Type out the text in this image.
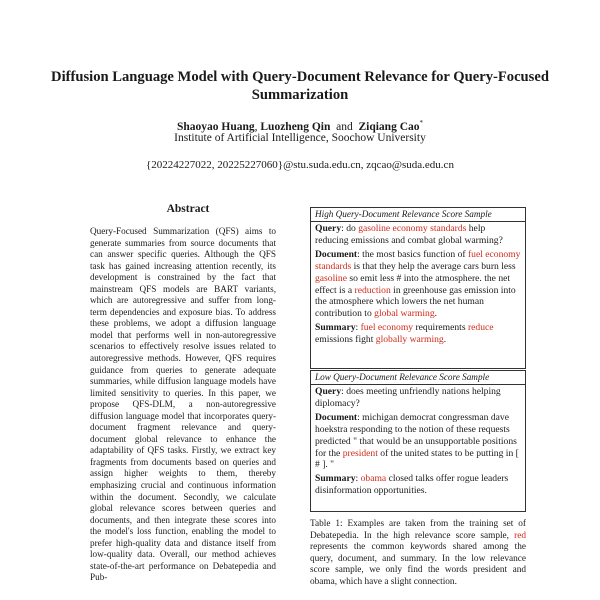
Diffusion Language Model with Query-Document Relevance for Query-Focused Summarization
Shaoyao Huang, Luozheng Qin  and  Ziqiang Cao*
Institute of Artificial Intelligence, Soochow University
{20224227022, 20225227060}@stu.suda.edu.cn, zqcao@suda.edu.cn
Abstract

Query-Focused Summarization (QFS) aims to generate summaries from source documents that can answer specific queries. Although the QFS task has gained increasing attention recently, its development is constrained by the fact that mainstream QFS models are BART variants, which are autoregressive and suffer from long-term dependencies and exposure bias. To address these problems, we adopt a diffusion language model that performs well in non-autoregressive scenarios to effectively resolve issues related to autoregressive methods. However, QFS requires guidance from queries to generate adequate summaries, while diffusion language models have limited sensitivity to queries. In this paper, we propose QFS-DLM, a non-autoregressive diffusion language model that incorporates query-document fragment relevance and query-document global relevance to enhance the adaptability of QFS tasks. Firstly, we extract key fragments from documents based on queries and assign higher weights to them, thereby emphasizing crucial and continuous information within the document. Secondly, we calculate global relevance scores between queries and documents, and then integrate these scores into the model's loss function, enabling the model to prefer high-quality data and distance itself from low-quality data. Overall, our method achieves state-of-the-art performance on Debatepedia and Pub-

High Query-Document Relevance Score Sample

Query: do gasoline economy standards help reducing emissions and combat global warming?

Document: the most basics function of fuel economy standards is that they help the average cars burn less gasoline so emit less # into the atmosphere. the net effect is a reduction in greenhouse gas emission into the atmosphere which lowers the net human contribution to global warming.

Summary: fuel economy requirements reduce emissions fight globally warming.

Low Query-Document Relevance Score Sample

Query: does meeting unfriendly nations helping diplomacy?

Document: michigan democrat congressman dave hoekstra responding to the notion of these requests predicted " that would be an unsupportable positions for the president of the united states to be putting in [ # ]. "

Summary: obama closed talks offer rogue leaders disinformation opportunities.

Table 1: Examples are taken from the training set of Debatepedia. In the high relevance score sample, red represents the common keywords shared among the query, document, and summary. In the low relevance score sample, we only find the words president and obama, which have a slight connection.
